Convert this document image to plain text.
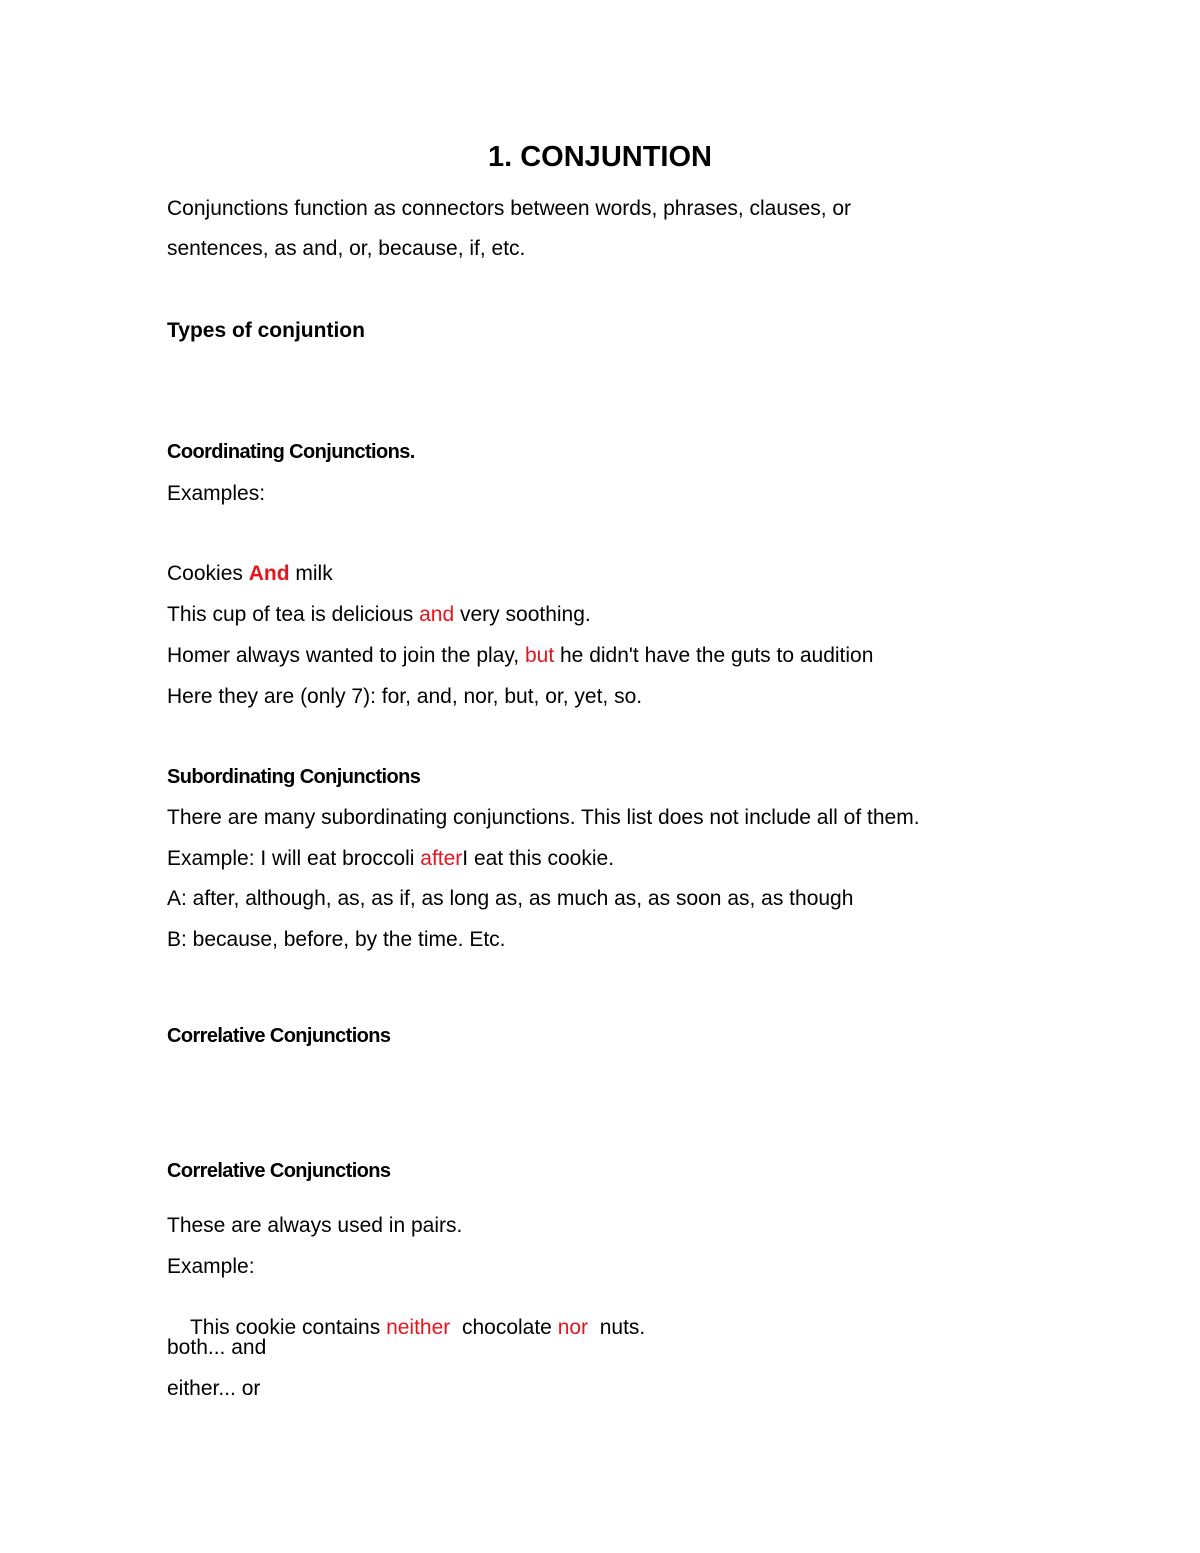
1. CONJUNTION
Conjunctions function as connectors between words, phrases, clauses, or
sentences, as and, or, because, if, etc.
Types of conjuntion
Coordinating Conjunctions.
Examples:
Cookies And milk
This cup of tea is delicious and very soothing.
Homer always wanted to join the play, but he didn't have the guts to audition
Here they are (only 7): for, and, nor, but, or, yet, so.
Subordinating Conjunctions
There are many subordinating conjunctions. This list does not include all of them.
Example: I will eat broccoli afterI eat this cookie.
A: after, although, as, as if, as long as, as much as, as soon as, as though
B: because, before, by the time. Etc.
Correlative Conjunctions
Correlative Conjunctions
These are always used in pairs.
Example:

This cookie contains neither  chocolate nor  nuts.

both... and
either... or
